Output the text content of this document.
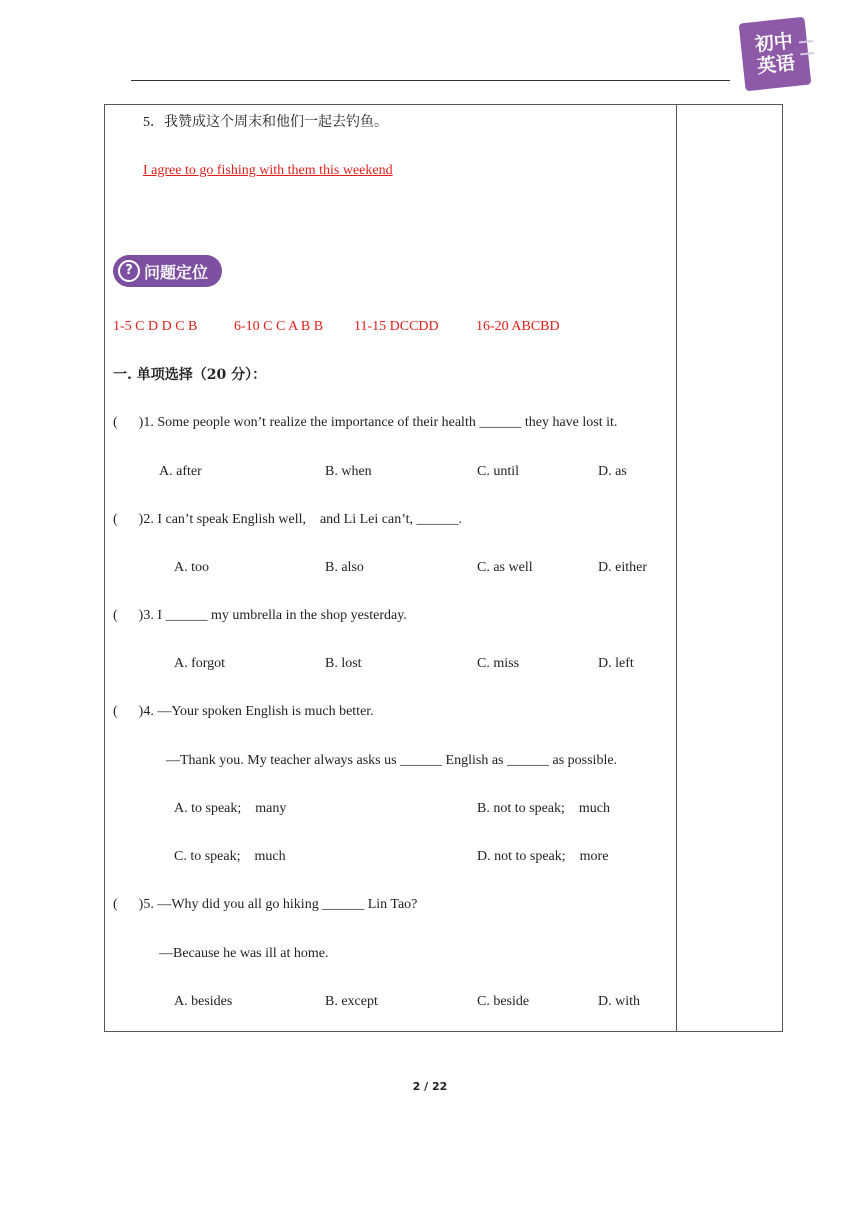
初中
英语
5．我赞成这个周末和他们一起去钓鱼。
I agree to go fishing with them this weekend
? 问题定位
1-5 C D D C B	6-10 C C A B B 11-15 DCCDD	16-20 ABCBD
一. 单项选择（20 分）：
(      )1. Some people won’t realize the importance of their health ______ they have lost it.
A. after	B. when	C. until	D. as
(      )2. I can’t speak English well,    and Li Lei can’t, ______.
A. too	B. also	C. as well	D. either
(      )3. I ______ my umbrella in the shop yesterday.
A. forgot	B. lost	C. miss	D. left
(      )4. —Your spoken English is much better.
—Thank you. My teacher always asks us ______ English as ______ as possible.
A. to speak;    many	B. not to speak;    much
C. to speak;    much	D. not to speak;    more
(      )5. —Why did you all go hiking ______ Lin Tao?
—Because he was ill at home.
A. besides	B. except	C. beside	D. with
2 / 22
